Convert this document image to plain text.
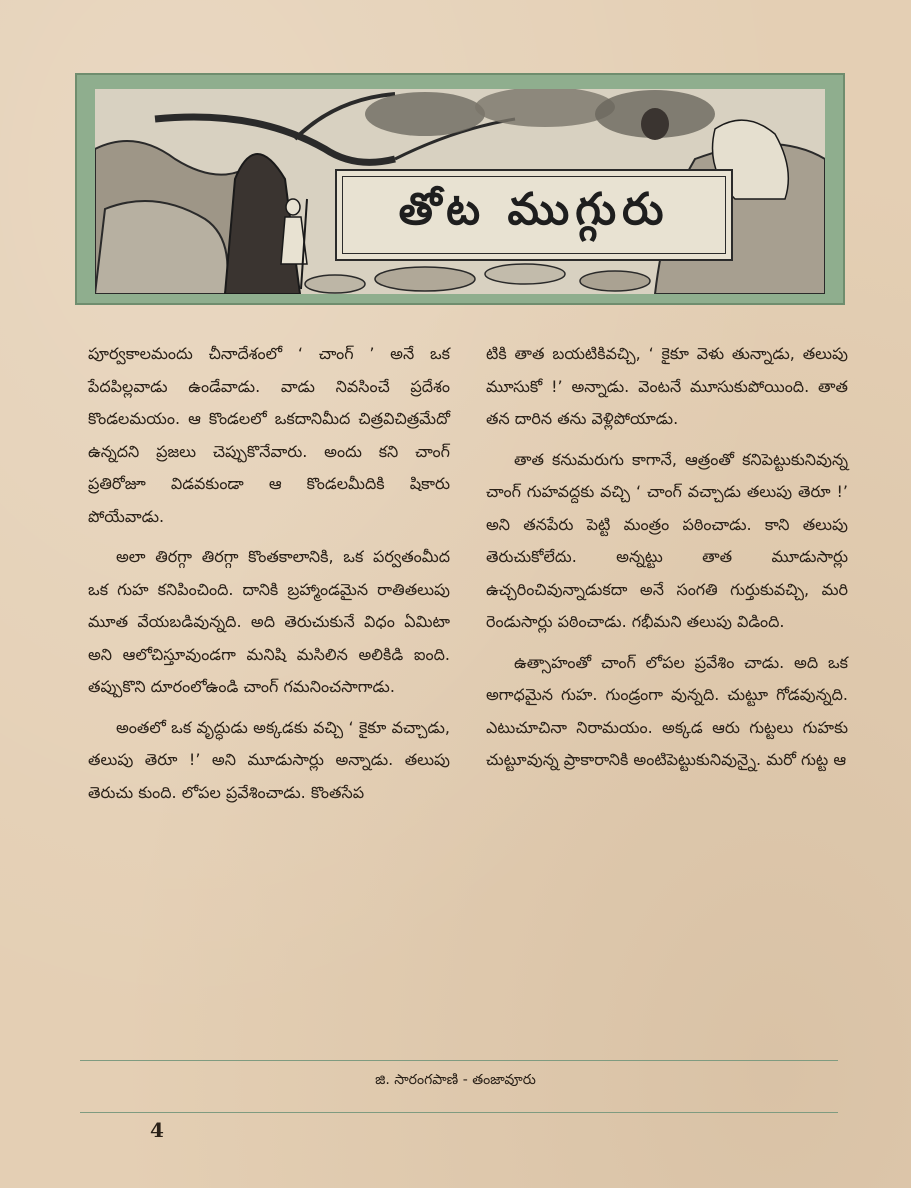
తోట ముగ్గురు

పూర్వకాలమందు చీనాదేశంలో ‘ చాంగ్ ’ అనే ఒక పేదపిల్లవాడు ఉండేవాడు. వాడు నివసించే ప్రదేశం కొండలమయం. ఆ కొండలలో ఒకదానిమీద చిత్రవిచిత్రమేదో ఉన్నదని ప్రజలు చెప్పుకొనేవారు. అందు కని చాంగ్ ప్రతిరోజూ విడవకుండా ఆ కొండలమీదికి షికారు పోయేవాడు.

అలా తిరగ్గా తిరగ్గా కొంతకాలానికి, ఒక పర్వతంమీద ఒక గుహ కనిపించింది. దానికి బ్రహ్మాండమైన రాతితలుపు మూత వేయబడివున్నది. అది తెరుచుకునే విధం ఏమిటా అని ఆలోచిస్తూవుండగా మనిషి మసిలిన అలికిడి ఐంది. తప్పుకొని దూరంలోఉండి చాంగ్ గమనించసాగాడు.

అంతలో ఒక వృద్ధుడు అక్కడకు వచ్చి ‘ కైకూ వచ్చాడు, తలుపు తెరూ !’ అని మూడుసార్లు అన్నాడు. తలుపు తెరుచు కుంది. లోపల ప్రవేశించాడు. కొంతసేప

టికి తాత బయటికివచ్చి, ‘ కైకూ వెళు తున్నాడు, తలుపు మూసుకో !’ అన్నాడు. వెంటనే మూసుకుపోయింది. తాత తన దారిన తను వెళ్లిపోయాడు.

తాత కనుమరుగు కాగానే, ఆత్రంతో కనిపెట్టుకునివున్న చాంగ్ గుహవద్దకు వచ్చి ‘ చాంగ్ వచ్చాడు తలుపు తెరూ !’ అని తనపేరు పెట్టి మంత్రం పఠించాడు. కాని తలుపు తెరుచుకోలేదు. అన్నట్టు తాత మూడుసార్లు ఉచ్చరించివున్నాడుకదా అనే సంగతి గుర్తుకువచ్చి, మరి రెండుసార్లు పఠించాడు. గభీమని తలుపు విడింది.

ఉత్సాహంతో చాంగ్ లోపల ప్రవేశిం చాడు. అది ఒక అగాధమైన గుహ. గుండ్రంగా వున్నది. చుట్టూ గోడవున్నది. ఎటుచూచినా నిరామయం. అక్కడ ఆరు గుట్టలు గుహకు చుట్టూవున్న ప్రాకారానికి అంటిపెట్టుకునివున్నై. మరో గుట్ట ఆ

జి. సారంగపాణి - తంజావూరు
4
